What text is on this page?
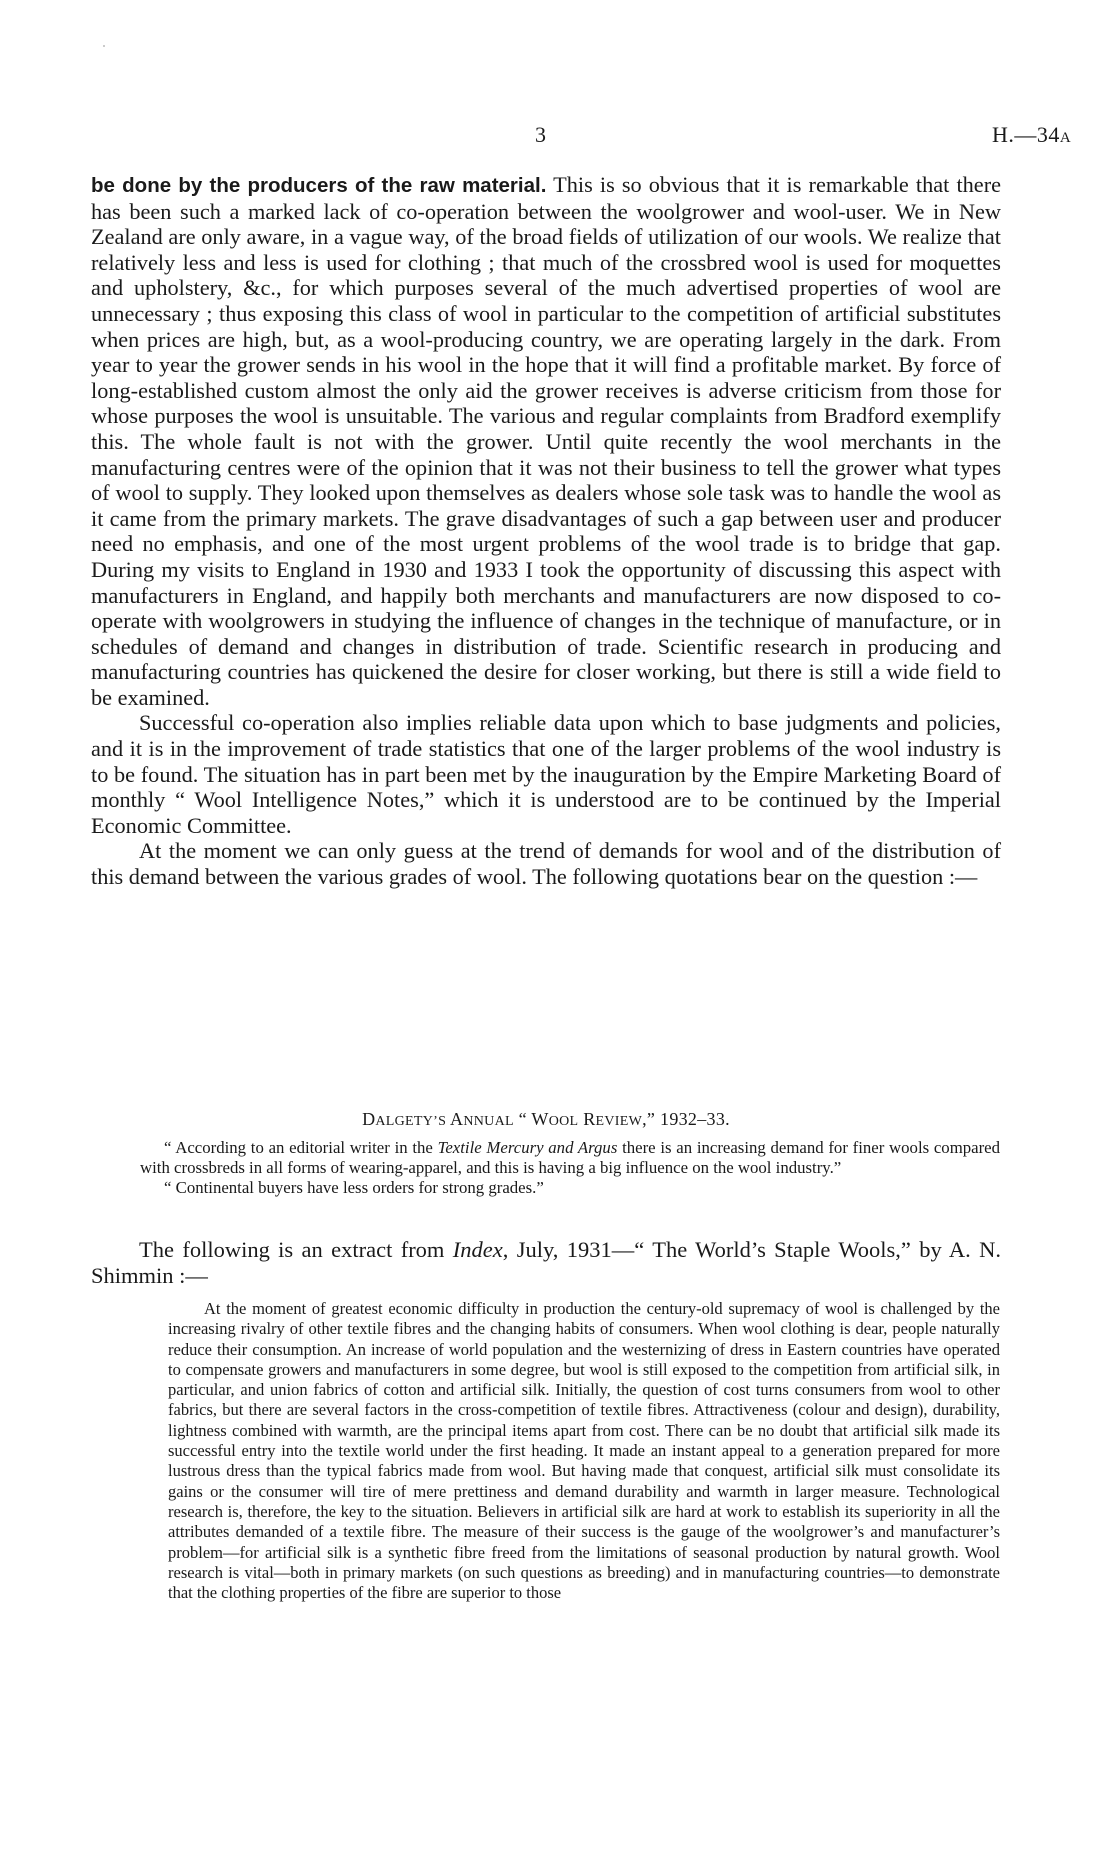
3	H.—34A

be done by the producers of the raw material. This is so obvious that it is remarkable that there has been such a marked lack of co-operation between the woolgrower and wool-user. We in New Zealand are only aware, in a vague way, of the broad fields of utilization of our wools. We realize that relatively less and less is used for clothing ; that much of the crossbred wool is used for moquettes and upholstery, &c., for which purposes several of the much advertised properties of wool are unnecessary ; thus exposing this class of wool in particular to the competition of artificial substitutes when prices are high, but, as a wool-producing country, we are operating largely in the dark. From year to year the grower sends in his wool in the hope that it will find a profitable market. By force of long-established custom almost the only aid the grower receives is adverse criticism from those for whose purposes the wool is unsuitable. The various and regular complaints from Bradford exemplify this. The whole fault is not with the grower. Until quite recently the wool merchants in the manufacturing centres were of the opinion that it was not their business to tell the grower what types of wool to supply. They looked upon themselves as dealers whose sole task was to handle the wool as it came from the primary markets. The grave disadvantages of such a gap between user and producer need no emphasis, and one of the most urgent problems of the wool trade is to bridge that gap. During my visits to England in 1930 and 1933 I took the opportunity of discussing this aspect with manufacturers in England, and happily both merchants and manufacturers are now disposed to co-operate with woolgrowers in studying the influence of changes in the technique of manufacture, or in schedules of demand and changes in distribution of trade. Scientific research in producing and manufacturing countries has quickened the desire for closer working, but there is still a wide field to be examined.

Successful co-operation also implies reliable data upon which to base judgments and policies, and it is in the improvement of trade statistics that one of the larger problems of the wool industry is to be found. The situation has in part been met by the inauguration by the Empire Marketing Board of monthly “ Wool Intelligence Notes,” which it is understood are to be continued by the Imperial Economic Committee.

At the moment we can only guess at the trend of demands for wool and of the distribution of this demand between the various grades of wool. The following quotations bear on the question :—

DALGETY’S ANNUAL “ WOOL REVIEW,” 1932–33.

“ According to an editorial writer in the Textile Mercury and Argus there is an increasing demand for finer wools compared with crossbreds in all forms of wearing-apparel, and this is having a big influence on the wool industry.”

“ Continental buyers have less orders for strong grades.”

The following is an extract from Index, July, 1931—“ The World’s Staple Wools,” by A. N. Shimmin :—

At the moment of greatest economic difficulty in production the century-old supremacy of wool is challenged by the increasing rivalry of other textile fibres and the changing habits of consumers. When wool clothing is dear, people naturally reduce their consumption. An increase of world population and the westernizing of dress in Eastern countries have operated to compensate growers and manufacturers in some degree, but wool is still exposed to the competition from artificial silk, in particular, and union fabrics of cotton and artificial silk. Initially, the question of cost turns consumers from wool to other fabrics, but there are several factors in the cross-competition of textile fibres. Attractiveness (colour and design), durability, lightness combined with warmth, are the principal items apart from cost. There can be no doubt that artificial silk made its successful entry into the textile world under the first heading. It made an instant appeal to a generation prepared for more lustrous dress than the typical fabrics made from wool. But having made that conquest, artificial silk must consolidate its gains or the consumer will tire of mere prettiness and demand durability and warmth in larger measure. Technological research is, therefore, the key to the situation. Believers in artificial silk are hard at work to establish its superiority in all the attributes demanded of a textile fibre. The measure of their success is the gauge of the woolgrower’s and manufacturer’s problem—for artificial silk is a synthetic fibre freed from the limitations of seasonal production by natural growth. Wool research is vital—both in primary markets (on such questions as breeding) and in manufacturing countries—to demonstrate that the clothing properties of the fibre are superior to those
